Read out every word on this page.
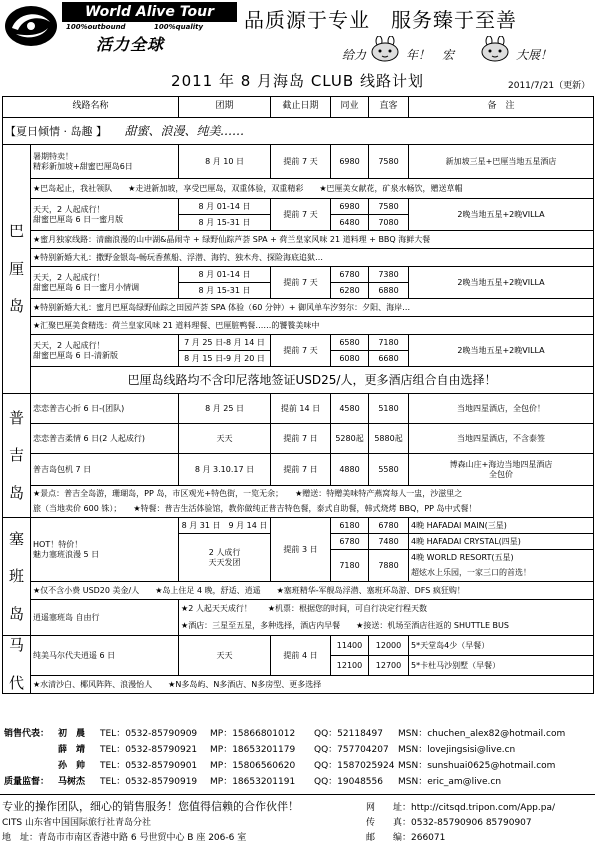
World Alive Tour
100%outbound	100%quality
活力全球
品质源于专业　服务臻于至善
给力	年！　宏	大展！
2011 年 8 月海岛 CLUB 线路计划	2011/7/21（更新）
线路名称		团期	截止日期	同业	直客	备　注
【夏日倾情 · 岛趣 】 甜蜜、浪漫、纯美……						
巴

厘

岛	暑期特卖！
精彩新加坡+甜蜜巴厘岛6日	8 月 10 日	提前 7 天	6980	7580	新加坡三星+巴厘当地五星酒店
	★巴岛起止，我社领队　　★走进新加坡，享受巴厘岛，双重体验，双重精彩　　★巴厘美女献花，矿泉水畅饮，赠送草帽					
	天天，2 人起成行！
甜蜜巴厘岛 6 日一蜜月版	8 月 01-14 日	提前 7 天	6980	7580	2晚当地五星+2晚VILLA
		8 月 15-31 日		6480	7080	
	★蜜月独家线路：清幽浪漫的山中湖&晶闹寺 + 绿野仙踪芦荟 SPA + 荷兰皇家风味 21 道料理 + BBQ 海鲜大餐					
	★特别新婚大礼：撒野金银岛-畅玩香蕉船、浮潜、海钓、独木舟、探险海底追狱…					
	天天，2 人起成行！
甜蜜巴厘岛 6 日一蜜月小情调	8 月 01-14 日	提前 7 天	6780	7380	2晚当地五星+2晚VILLA
		8 月 15-31 日		6280	6880	
	★特别新婚大礼：蜜月巴厘岛绿野仙踪之田园芦荟 SPA 体验（60 分钟）+ 御风单车汐努尔：夕阳、海岸…					
	★汇聚巴厘美食精选：荷兰皇家风味 21 道料理餐、巴厘脏鸭餐……的饕餮美味中					
	天天，2 人起成行！
甜蜜巴厘岛 6 日-清新版	7 月 25 日-8 月 14 日	提前 7 天	6580	7180	2晚当地五星+2晚VILLA
		8 月 15 日-9 月 20 日		6080	6680	
	巴厘岛线路均不含印尼落地签证USD25/人，更多酒店组合自由选择！					
普

吉

岛	恋恋普吉心折 6 日-(团队)	8 月 25 日	提前 14 日	4580	5180	当地四星酒店，全包价！
	恋恋普吉柔情 6 日(2 人起成行)	天天	提前 7 日	5280起	5880起	当地四星酒店，不含泰签
	普吉岛包机 7 日	8 月 3.10.17 日	提前 7 日	4880	5580	博森山庄+海边当地四星酒店
全包价
	★景点：普吉全岛游，珊瑚岛，PP 岛，市区观光+特色街，一览无余；　　★赠送：特赠美味特产燕窝每人一盅，沙滋里之					
	旅（当地卖价 600 铢）；　　★特餐：普吉生活体验馆，教你做纯正普吉特色餐，泰式自助餐，韩式烧烤 BBQ，PP 岛中式餐！					
塞

班

岛	HOT！特价！
魅力塞班浪漫 5 日	8 月 31 日　9 月 14 日	提前 3 日	6180	6780	4晚 HAFADAI MAIN(三星)
		2 人成行
天天发团		6780	7480	4晚 HAFADAI CRYSTAL(四星)
				7180	7880	4晚 WORLD RESORT(五星)
						超炫水上乐园，一家三口的首选！
	★仅不含小费 USD20 美金/人　　★岛上住足 4 晚，舒适、逍遥　　★塞班精华-军舰岛浮潜、塞班环岛游、DFS 疯狂购！					
	逍遥塞班岛 自由行	★2 人起天天成行！　　★机票：根据您的时间，可自行决定行程天数				
		★酒店：三星至五星，多种选择，酒店内早餐　　★接送：机场至酒店往返的 SHUTTLE BUS				
马

代	纯美马尔代夫逍遥 6 日	天天	提前 4 日	11400	12000	5*天堂岛4少（早餐）
				12100	12700	5*卡杜马沙别墅（早餐）
	★水清沙白、椰风阵阵、浪漫怡人　　★N多岛屿、N多酒店、N多房型、更多选择					
销售代表： 初　晨 TEL：0532-85790909 MP：15866801012 QQ：52118497 MSN：chuchen_alex82@hotmail.com
薛　靖 TEL：0532-85790921 MP：18653201179 QQ：757704207 MSN：lovejingsisi@live.cn
孙　帅 TEL：0532-85790901 MP：15806560620 QQ：1587025924 MSN：sunshuai0625@hotmail.com
质量监督： 马树杰 TEL：0532-85790919 MP：18653201191 QQ：19048556 MSN：eric_am@live.cn
专业的操作团队，细心的销售服务！您值得信赖的合作伙伴！
CITS 山东省中国国际旅行社青岛分社
地　址：青岛市市南区香港中路 6 号世贸中心 B 座 206-6 室
网　　址：http://citsqd.tripon.com/App.pa/
传　　真：0532-85790906 85790907
邮　　编：266071
